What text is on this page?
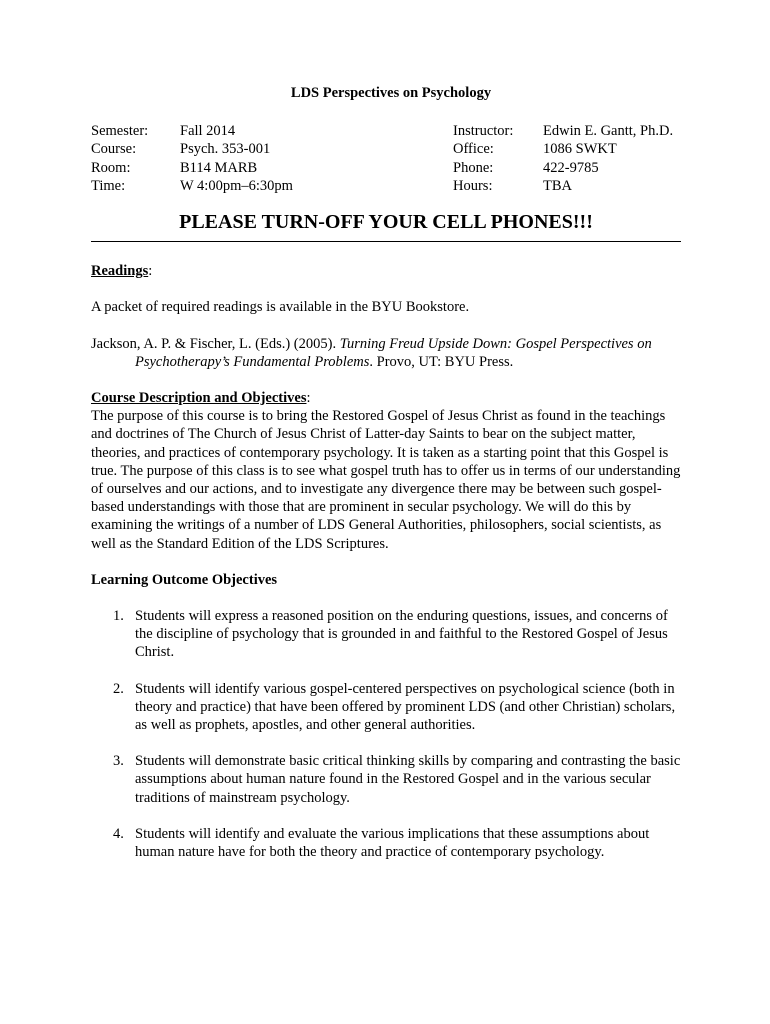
LDS Perspectives on Psychology
Semester:
Course:
Room:
Time:
Fall 2014
Psych. 353-001
B114 MARB
W 4:00pm–6:30pm
Instructor:
Office:
Phone:
Hours:
Edwin E. Gantt, Ph.D.
1086 SWKT
422-9785
TBA
PLEASE TURN-OFF YOUR CELL PHONES!!!

Readings:

A packet of required readings is available in the BYU Bookstore.

Jackson, A. P. & Fischer, L. (Eds.) (2005). Turning Freud Upside Down: Gospel Perspectives on Psychotherapy’s Fundamental Problems. Provo, UT: BYU Press.

Course Description and Objectives:

The purpose of this course is to bring the Restored Gospel of Jesus Christ as found in the teachings and doctrines of The Church of Jesus Christ of Latter-day Saints to bear on the subject matter, theories, and practices of contemporary psychology. It is taken as a starting point that this Gospel is true. The purpose of this class is to see what gospel truth has to offer us in terms of our understanding of ourselves and our actions, and to investigate any divergence there may be between such gospel-based understandings with those that are prominent in secular psychology. We will do this by examining the writings of a number of LDS General Authorities, philosophers, social scientists, as well as the Standard Edition of the LDS Scriptures.

Learning Outcome Objectives

1. Students will express a reasoned position on the enduring questions, issues, and concerns of the discipline of psychology that is grounded in and faithful to the Restored Gospel of Jesus Christ.
2. Students will identify various gospel-centered perspectives on psychological science (both in theory and practice) that have been offered by prominent LDS (and other Christian) scholars, as well as prophets, apostles, and other general authorities.
3. Students will demonstrate basic critical thinking skills by comparing and contrasting the basic assumptions about human nature found in the Restored Gospel and in the various secular traditions of mainstream psychology.
4. Students will identify and evaluate the various implications that these assumptions about human nature have for both the theory and practice of contemporary psychology.
